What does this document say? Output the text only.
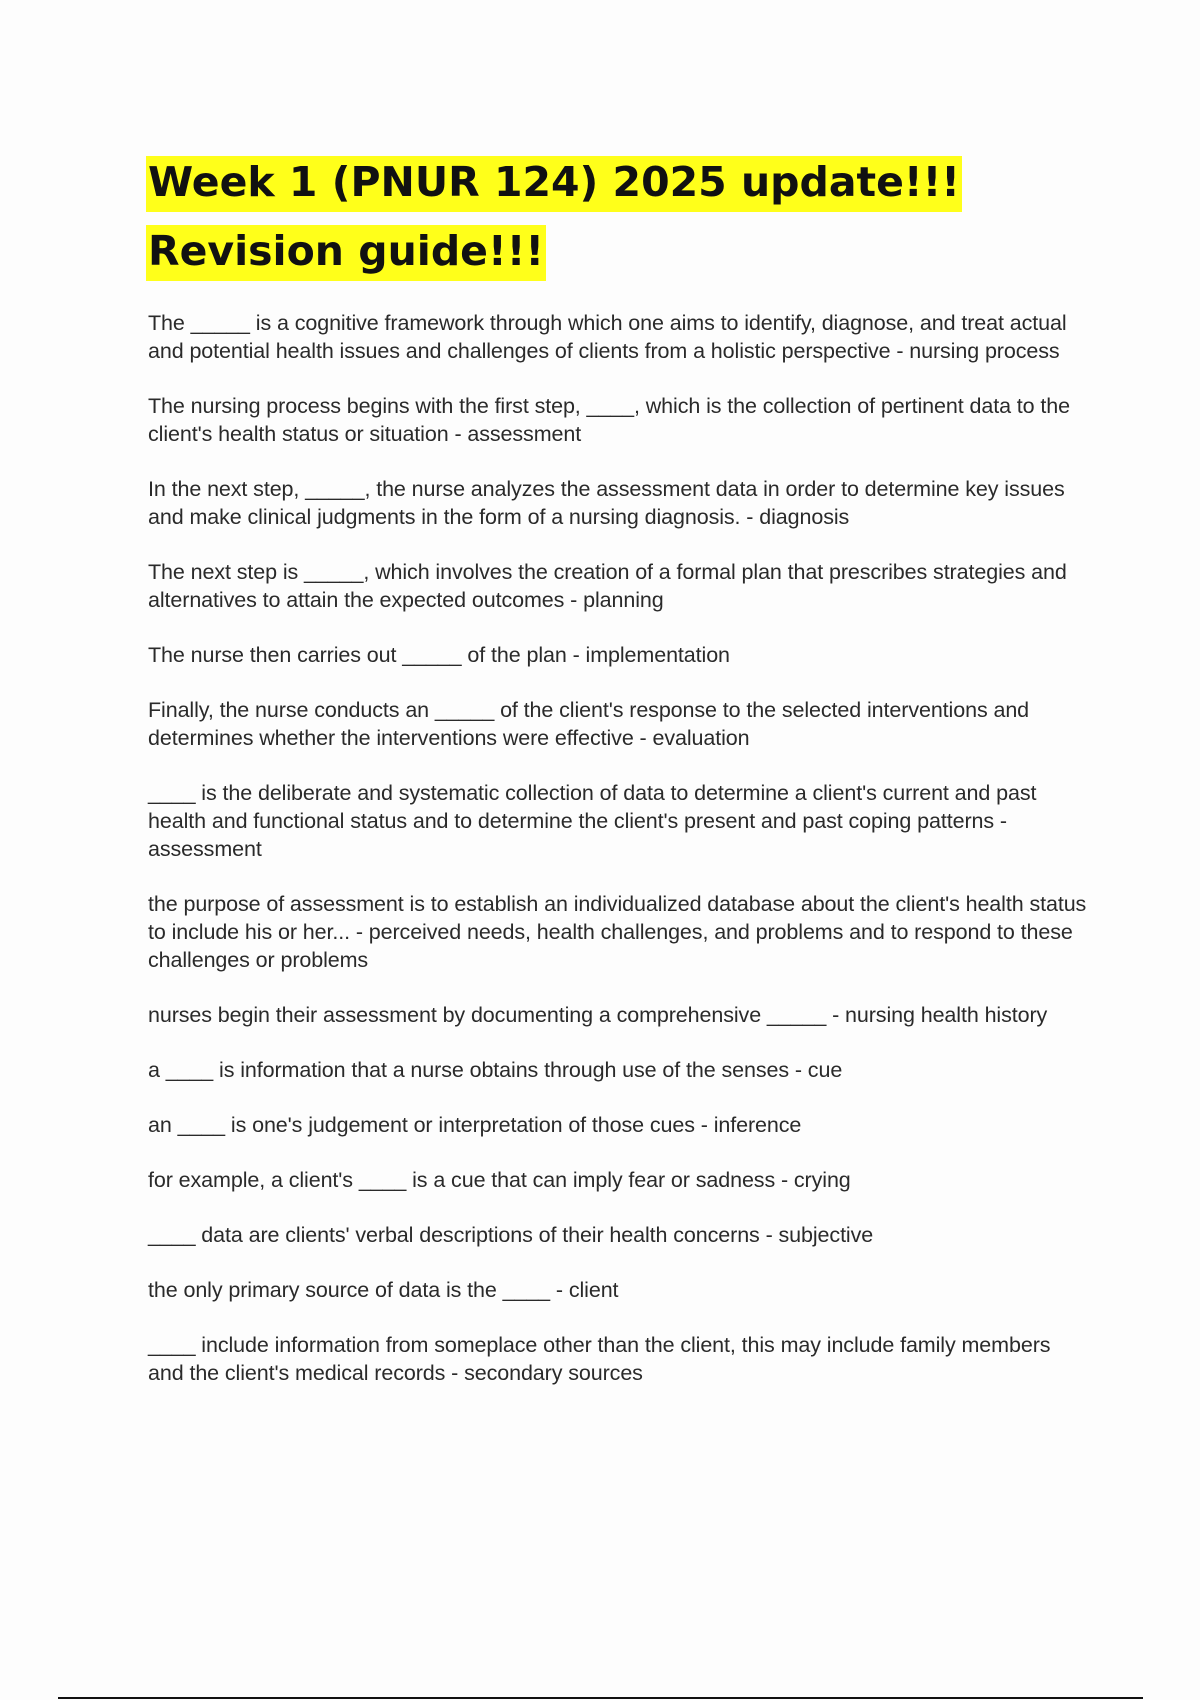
Week 1 (PNUR 124) 2025 update!!!
Revision guide!!!

The _____ is a cognitive framework through which one aims to identify, diagnose, and treat actual and potential health issues and challenges of clients from a holistic perspective - nursing process

The nursing process begins with the first step, ____, which is the collection of pertinent data to the client's health status or situation - assessment

In the next step, _____, the nurse analyzes the assessment data in order to determine key issues and make clinical judgments in the form of a nursing diagnosis. - diagnosis

The next step is _____, which involves the creation of a formal plan that prescribes strategies and alternatives to attain the expected outcomes - planning

The nurse then carries out _____ of the plan - implementation

Finally, the nurse conducts an _____ of the client's response to the selected interventions and determines whether the interventions were effective - evaluation

____ is the deliberate and systematic collection of data to determine a client's current and past health and functional status and to determine the client's present and past coping patterns - assessment

the purpose of assessment is to establish an individualized database about the client's health status to include his or her... - perceived needs, health challenges, and problems and to respond to these challenges or problems

nurses begin their assessment by documenting a comprehensive _____ - nursing health history

a ____ is information that a nurse obtains through use of the senses - cue

an ____ is one's judgement or interpretation of those cues - inference

for example, a client's ____ is a cue that can imply fear or sadness - crying

____ data are clients' verbal descriptions of their health concerns - subjective

the only primary source of data is the ____ - client

____ include information from someplace other than the client, this may include family members and the client's medical records - secondary sources
